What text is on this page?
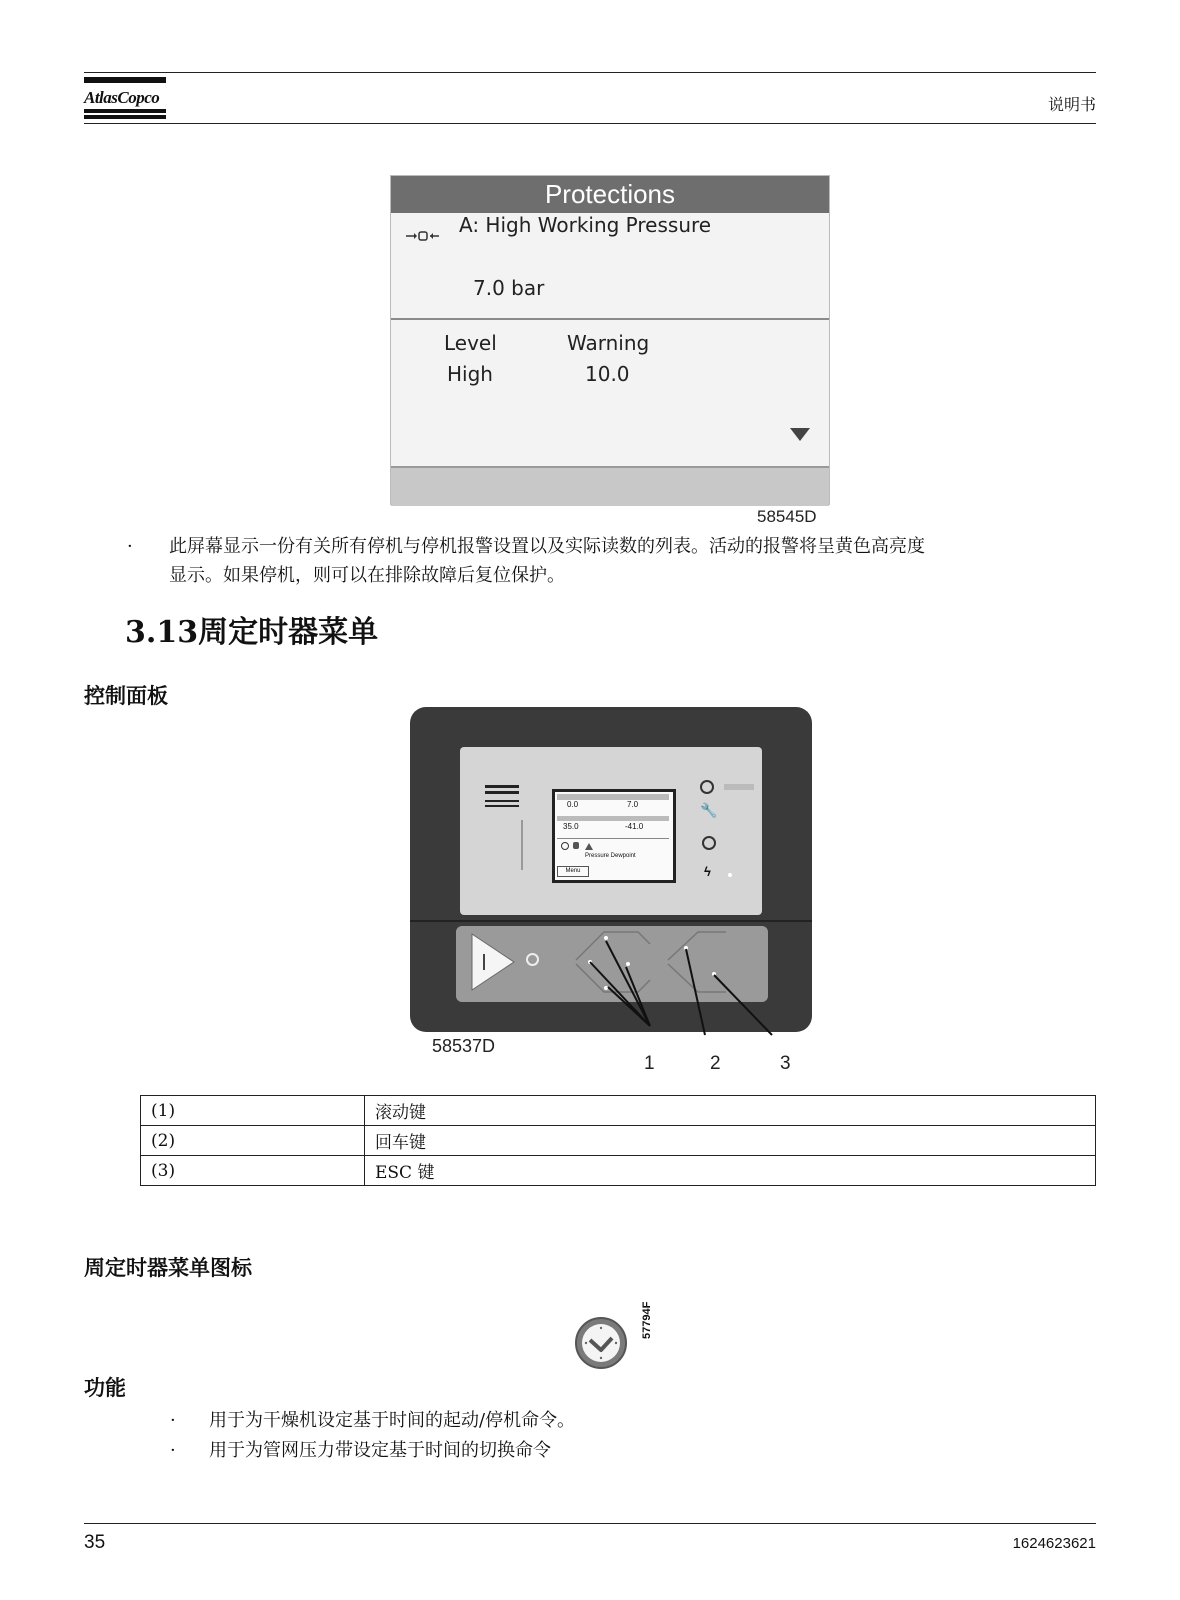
AtlasCopco	说明书
Protections
A: High Working Pressure
7.0 bar
Level	Warning
High	10.0
58545D
· 此屏幕显示一份有关所有停机与停机报警设置以及实际读数的列表。活动的报警将呈黄色高亮度
显示。如果停机，则可以在排除故障后复位保护。
3.13周定时器菜单
控制面板
0.0	7.0
35.0	-41.0
Pressure Dewpoint
Menu
🔧
ϟ
58537D
1	2	3
(1)	滚动键
(2)	回车键
(3)	ESC 键
周定时器菜单图标
57794F
功能
· 用于为干燥机设定基于时间的起动/停机命令。
· 用于为管网压力带设定基于时间的切换命令
35	1624623621
